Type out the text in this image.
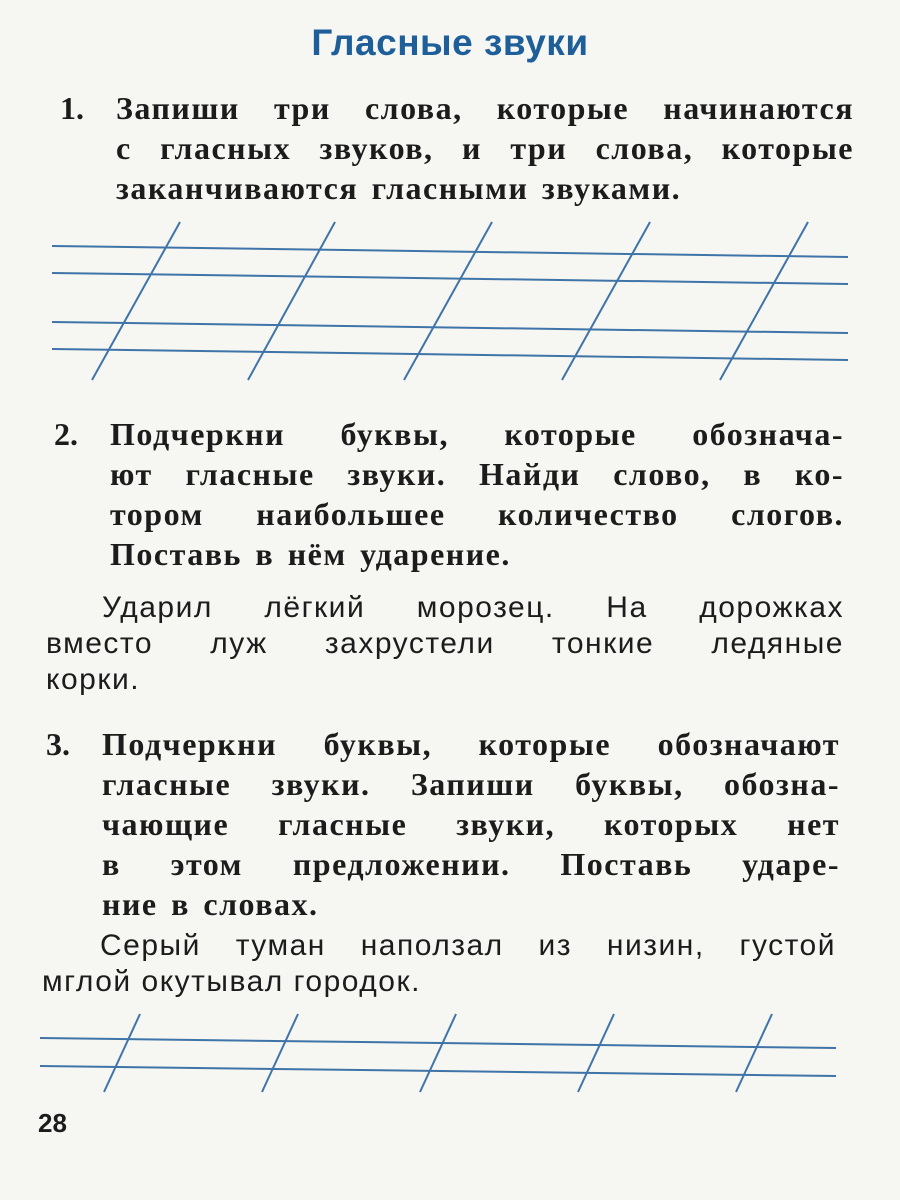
Гласные звуки
1. Запиши три слова, которые начинаются
с гласных звуков, и три слова, которые
заканчиваются гласными звуками.
2. Подчеркни буквы, которые обознача-
ют гласные звуки. Найди слово, в ко-
тором наибольшее количество слогов.
Поставь в нём ударение.
Ударил лёгкий морозец. На дорожках
вместо луж захрустели тонкие ледяные
корки.
3. Подчеркни буквы, которые обозначают
гласные звуки. Запиши буквы, обозна-
чающие гласные звуки, которых нет
в этом предложении. Поставь ударе-
ние в словах.
Серый туман наползал из низин, густой
мглой окутывал городок.
28
